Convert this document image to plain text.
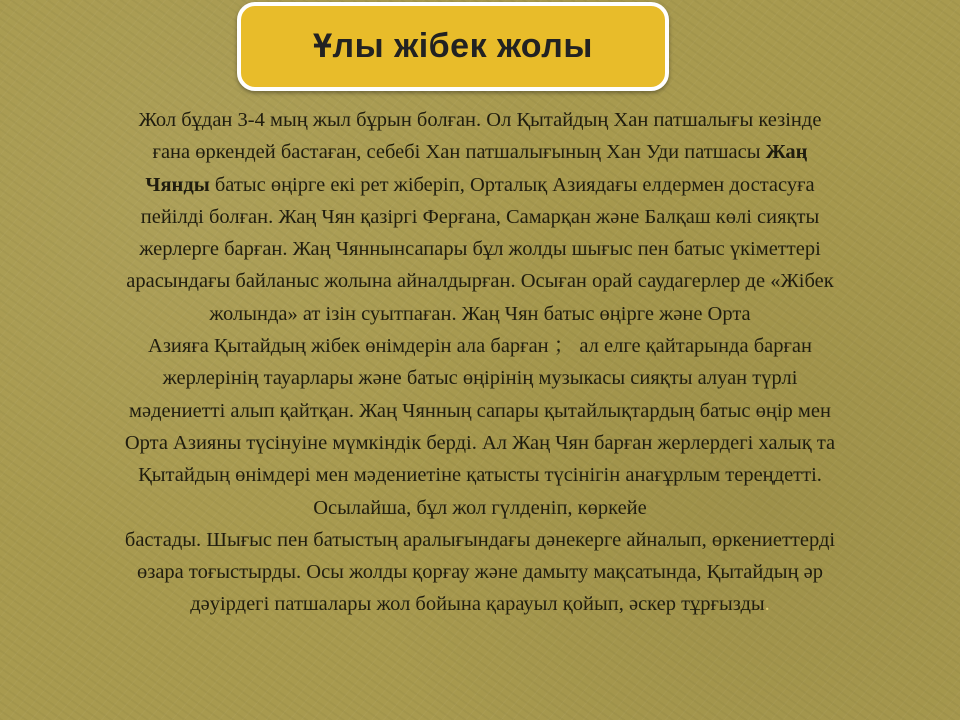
Ұлы жібек жолы

Жол бұдан 3-4 мың жыл бұрын болған. Ол Қытайдың Хан патшалығы кезінде

ғана өркендей бастаған, себебі Хан патшалығының Хан Уди патшасы Жаң

Чянды батыс өңірге екі рет жіберіп, Орталық Азиядағы елдермен достасуға

пейілді болған. Жаң Чян қазіргі Ферғана, Самарқан және Балқаш көлі сияқты

жерлерге барған. Жаң Чяннынсапары бұл жолды шығыс пен батыс үкіметтері

арасындағы байланыс жолына айналдырған. Осыған орай саудагерлер де «Жібек

жолында» ат ізін суытпаған. Жаң Чян батыс өңірге және Орта

Азияға Қытайдың жібек өнімдерін ала барған ； ал елге қайтарында барған

жерлерінің тауарлары және батыс өңірінің музыкасы сияқты алуан түрлі

мәдениетті алып қайтқан. Жаң Чянның сапары қытайлықтардың батыс өңір мен

Орта Азияны түсінуіне мүмкіндік берді. Ал Жаң Чян барған жерлердегі халық та

Қытайдың өнімдері мен мәдениетіне қатысты түсінігін анағұрлым тереңдетті.

Осылайша, бұл жол гүлденіп, көркейе

бастады. Шығыс пен батыстың аралығындағы дәнекерге айналып, өркениеттерді

өзара тоғыстырды. Осы жолды қорғау және дамыту мақсатында, Қытайдың әр

дәуірдегі патшалары жол бойына қарауыл қойып, әскер тұрғызды.
